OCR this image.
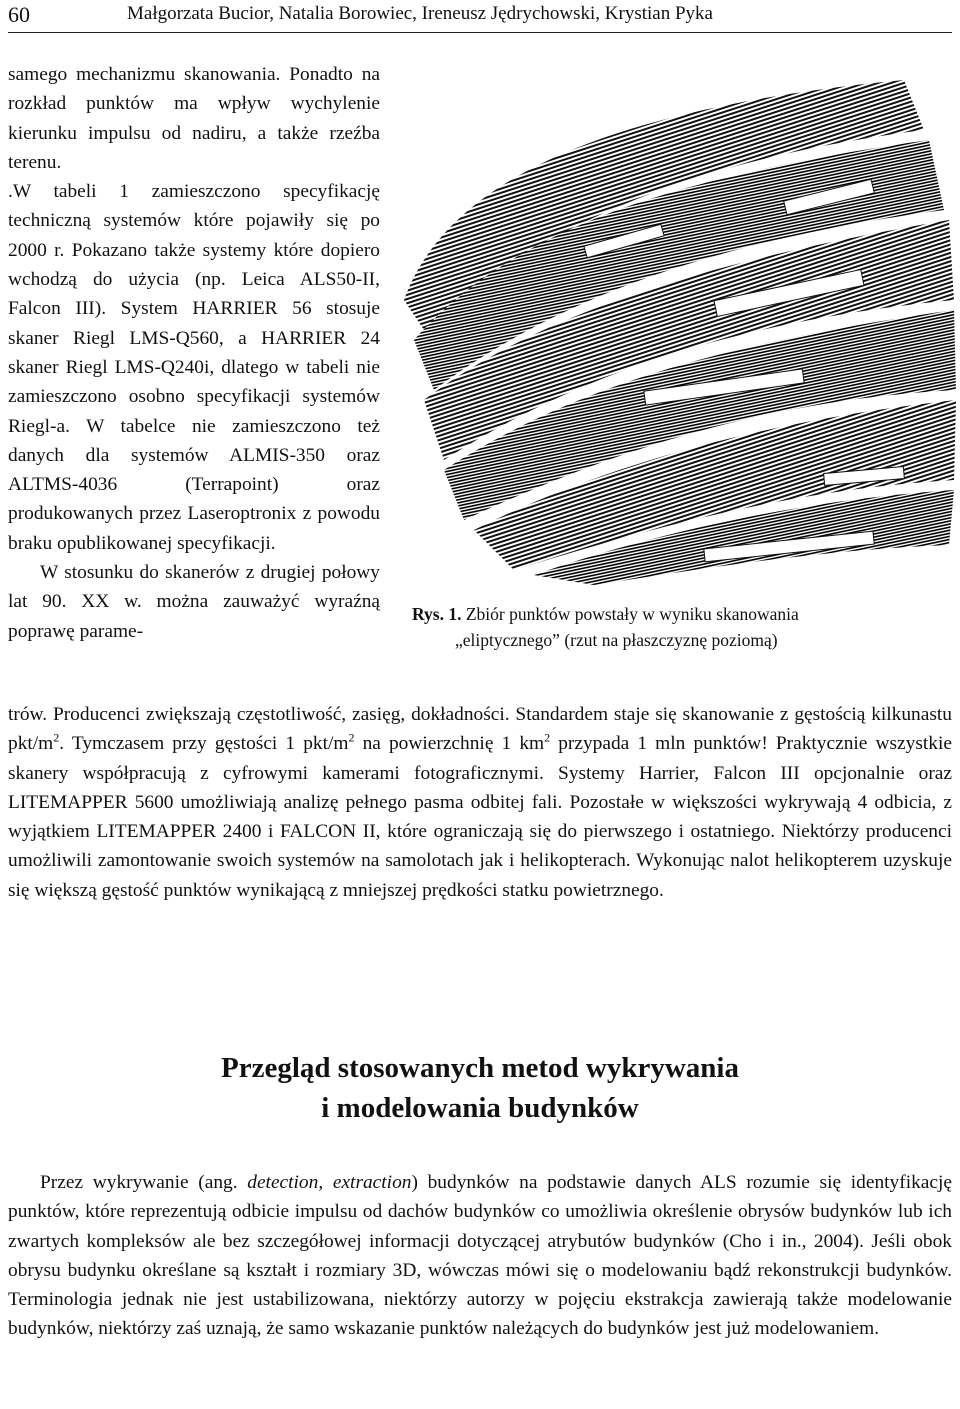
60	Małgorzata Bucior, Natalia Borowiec, Ireneusz Jędrychowski, Krystian Pyka

samego mechanizmu skanowania. Ponadto na rozkład punktów ma wpływ wychylenie kierunku impulsu od nadiru, a także rzeźba terenu.

.W tabeli 1 zamieszczono specyfikację techniczną systemów które pojawiły się po 2000 r. Pokazano także systemy które dopiero wchodzą do użycia (np. Leica ALS50-II, Falcon III). System HARRIER 56 stosuje skaner Riegl LMS-Q560, a HARRIER 24 skaner Riegl LMS-Q240i, dlatego w tabeli nie zamieszczono osobno specyfikacji systemów Riegl-a. W tabelce nie zamieszczono też danych dla systemów ALMIS-350 oraz ALTMS-4036 (Terrapoint) oraz produkowanych przez Laseroptronix z powodu braku opublikowanej specyfikacji.

W stosunku do skanerów z drugiej połowy lat 90. XX w. można zauważyć wyraźną poprawę parame-

Rys. 1. Zbiór punktów powstały w wyniku skanowania
„eliptycznego” (rzut na płaszczyznę poziomą)

trów. Producenci zwiększają częstotliwość, zasięg, dokładności. Standardem staje się skanowanie z gęstością kilkunastu pkt/$m^2$. Tymczasem przy gęstości 1 pkt/$m^2$ na powierzchnię 1 $km^2$ przypada 1 mln punktów! Praktycznie wszystkie skanery współpracują z cyfrowymi kamerami fotograficznymi. Systemy Harrier, Falcon III opcjonalnie oraz LITEMAPPER 5600 umożliwiają analizę pełnego pasma odbitej fali. Pozostałe w większości wykrywają 4 odbicia, z wyjątkiem LITEMAPPER 2400 i FALCON II, które ograniczają się do pierwszego i ostatniego. Niektórzy producenci umożliwili zamontowanie swoich systemów na samolotach jak i helikopterach. Wykonując nalot helikopterem uzyskuje się większą gęstość punktów wynikającą z mniejszej prędkości statku powietrznego.

Przegląd stosowanych metod wykrywania
i modelowania budynków

Przez wykrywanie (ang. detection, extraction) budynków na podstawie danych ALS rozumie się identyfikację punktów, które reprezentują odbicie impulsu od dachów budynków co umożliwia określenie obrysów budynków lub ich zwartych kompleksów ale bez szczegółowej informacji dotyczącej atrybutów budynków (Cho i in., 2004). Jeśli obok obrysu budynku określane są kształt i rozmiary 3D, wówczas mówi się o modelowaniu bądź rekonstrukcji budynków. Terminologia jednak nie jest ustabilizowana, niektórzy autorzy w pojęciu ekstrakcja zawierają także modelowanie budynków, niektórzy zaś uznają, że samo wskazanie punktów należących do budynków jest już modelowaniem.
